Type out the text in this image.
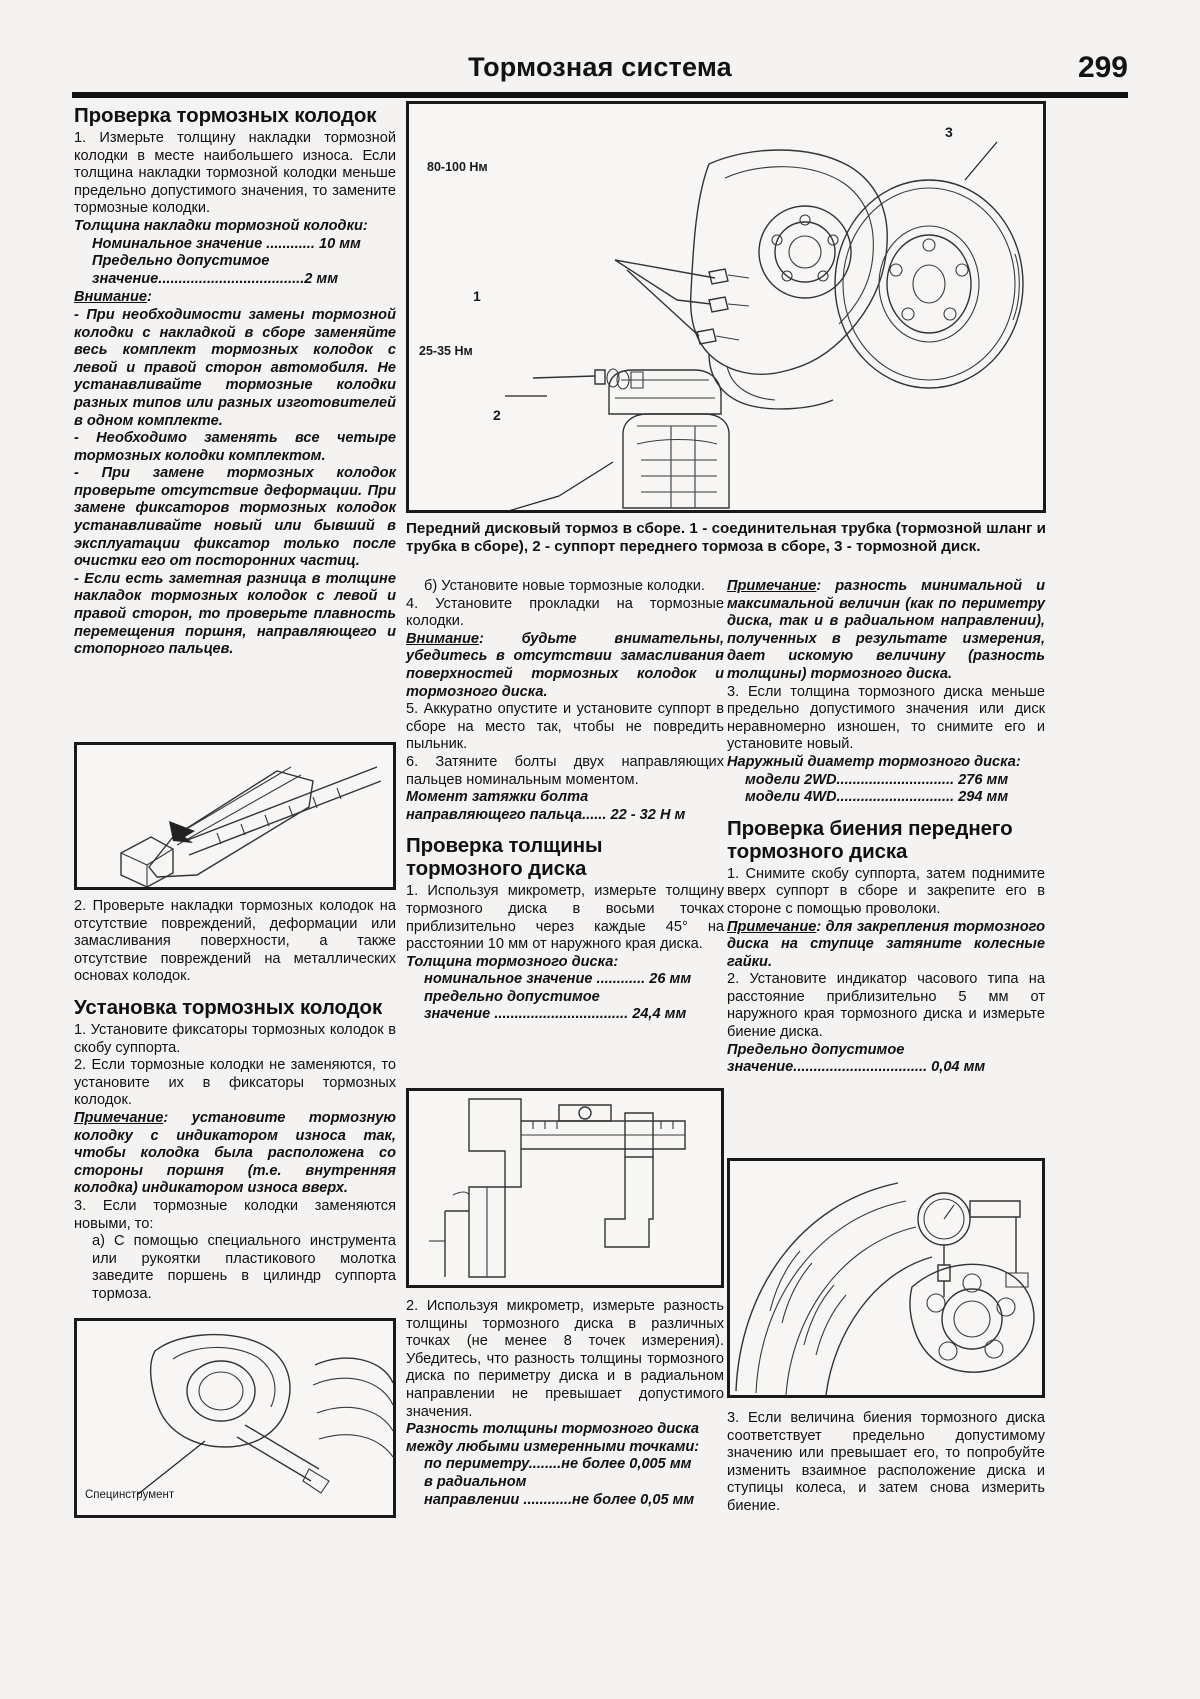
Тормозная система	299
80-100 Нм
25-35 Нм
1
2
3
Передний дисковый тормоз в сборе. 1 - соединительная трубка (тормозной шланг и трубка в сборе), 2 - суппорт переднего тормоза в сборе, 3 - тормозной диск.
Проверка тормозных колодок

1. Измерьте толщину накладки тормозной колодки в месте наибольшего износа. Если толщина накладки тормозной колодки меньше предельно допустимого значения, то замените тормозные колодки.

Толщина накладки тормозной колодки:
Номинальное значение ............ 10 мм
Предельно допустимое
значение....................................2 мм

Внимание:

- При необходимости замены тормозной колодки с накладкой в сборе заменяйте весь комплект тормозных колодок с левой и правой сторон автомобиля. Не устанавливайте тормозные колодки разных типов или разных изготовителей в одном комплекте.

- Необходимо заменять все четыре тормозных колодки комплектом.

- При замене тормозных колодок проверьте отсутствие деформации. При замене фиксаторов тормозных колодок устанавливайте новый или бывший в эксплуатации фиксатор только после очистки его от посторонних частиц.

- Если есть заметная разница в толщине накладок тормозных колодок с левой и правой сторон, то проверьте плавность перемещения поршня, направляющего и стопорного пальцев.

2. Проверьте накладки тормозных колодок на отсутствие повреждений, деформации или замасливания поверхности, а также отсутствие повреждений на металлических основах колодок.

Установка тормозных колодок

1. Установите фиксаторы тормозных колодок в скобу суппорта.

2. Если тормозные колодки не заменяются, то установите их в фиксаторы тормозных колодок.

Примечание: установите тормозную колодку с индикатором износа так, чтобы колодка была расположена со стороны поршня (т.е. внутренняя колодка) индикатором износа вверх.

3. Если тормозные колодки заменяются новыми, то:

а) С помощью специального инструмента или рукоятки пластикового молотка заведите поршень в цилиндр суппорта тормоза.

Специнструмент

б) Установите новые тормозные колодки.

4. Установите прокладки на тормозные колодки.

Внимание: будьте внимательны, убедитесь в отсутствии замасливания поверхностей тормозных колодок и тормозного диска.

5. Аккуратно опустите и установите суппорт в сборе на место так, чтобы не повредить пыльник.

6. Затяните болты двух направляющих пальцев номинальным моментом.

Момент затяжки болта
направляющего пальца...... 22 - 32 Н м
Проверка толщины тормозного диска

1. Используя микрометр, измерьте толщину тормозного диска в восьми точках приблизительно через каждые 45° на расстоянии 10 мм от наружного края диска.

Толщина тормозного диска:
номинальное значение ............ 26 мм
предельно допустимое
значение ................................. 24,4 мм

2. Используя микрометр, измерьте разность толщины тормозного диска в различных точках (не менее 8 точек измерения). Убедитесь, что разность толщины тормозного диска по периметру диска и в радиальном направлении не превышает допустимого значения.

Разность толщины тормозного диска между любыми измеренными точками:
по периметру........не более 0,005 мм
в радиальном
направлении ............не более 0,05 мм

Примечание: разность минимальной и максимальной величин (как по периметру диска, так и в радиальном направлении), полученных в результате измерения, дает искомую величину (разность толщины) тормозного диска.

3. Если толщина тормозного диска меньше предельно допустимого значения или диск неравномерно изношен, то снимите его и установите новый.

Наружный диаметр тормозного диска:
модели 2WD............................. 276 мм
модели 4WD............................. 294 мм
Проверка биения переднего тормозного диска

1. Снимите скобу суппорта, затем поднимите вверх суппорт в сборе и закрепите его в стороне с помощью проволоки.

Примечание: для закрепления тормозного диска на ступице затяните колесные гайки.

2. Установите индикатор часового типа на расстояние приблизительно 5 мм от наружного края тормозного диска и измерьте биение диска.

Предельно допустимое
значение................................. 0,04 мм

3. Если величина биения тормозного диска соответствует предельно допустимому значению или превышает его, то попробуйте изменить взаимное расположение диска и ступицы колеса, и затем снова измерить биение.
